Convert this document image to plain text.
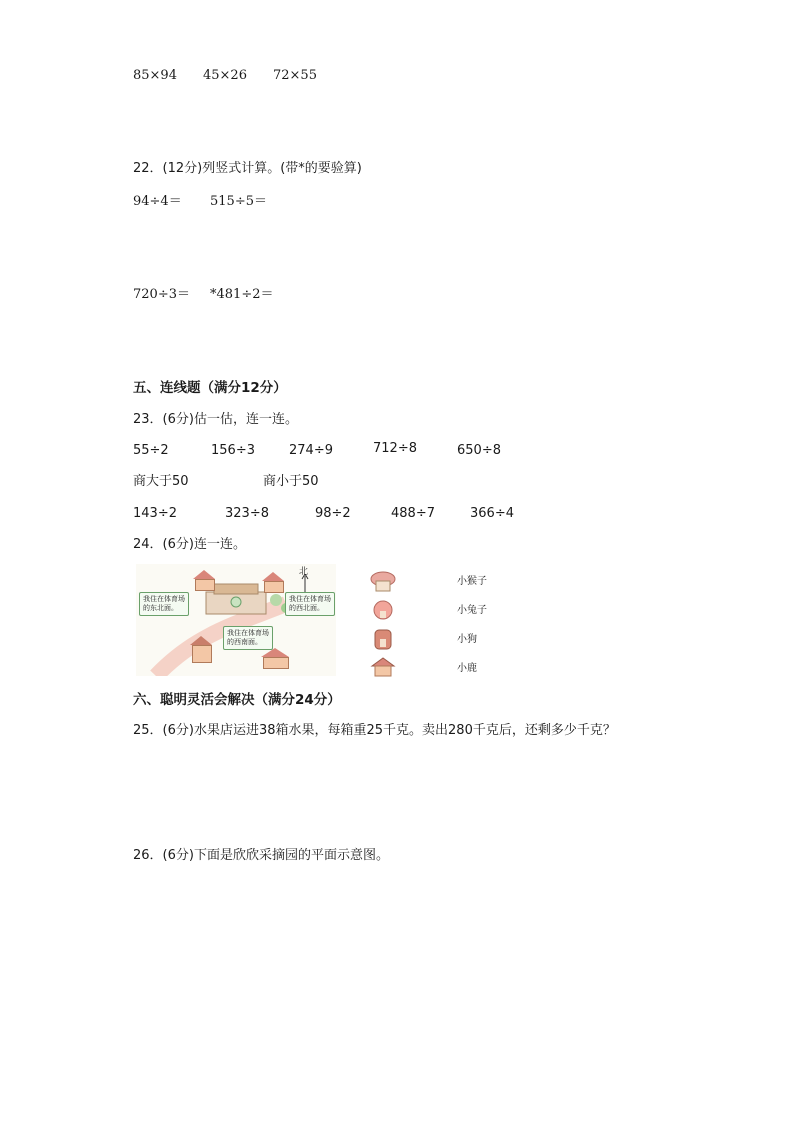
85×94 45×26 72×55
22．(12分)列竖式计算。(带*的要验算)
94÷4＝ 515÷5＝
720÷3＝ *481÷2＝
五、连线题（满分12分）
23．(6分)估一估，连一连。
55÷2	156÷3	274÷9	712÷8	650÷8
商大于50	商小于50
143÷2	323÷8	98÷2	488÷7	366÷4
24．(6分)连一连。
北
我住在体育场
的东北面。
我住在体育场
的西北面。
我住在体育场
的西南面。
小猴子
小兔子
小狗
小鹿
六、聪明灵活会解决（满分24分）
25．(6分)水果店运进38箱水果，每箱重25千克。卖出280千克后，还剩多少千克？
26．(6分)下面是欣欣采摘园的平面示意图。
